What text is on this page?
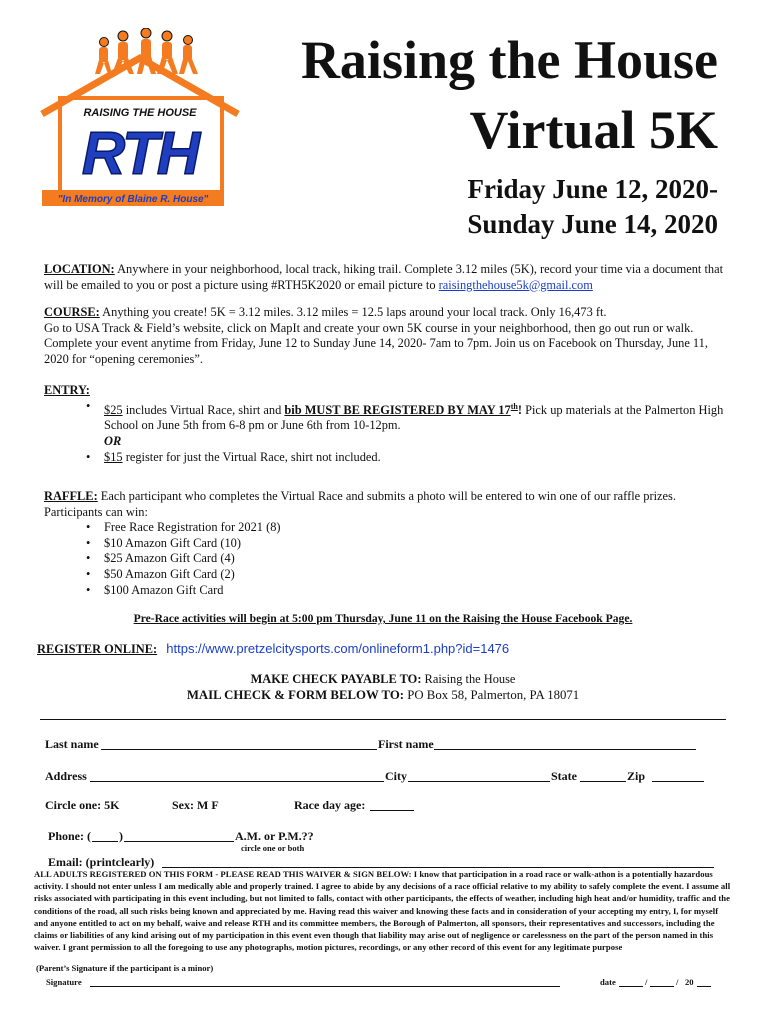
RAISING THE HOUSE
RTH
"In Memory of Blaine R. House"
Raising the House
Virtual 5K
Friday June 12, 2020-
Sunday June 14, 2020
LOCATION: Anywhere in your neighborhood, local track, hiking trail. Complete 3.12 miles (5K), record your time via a document that will be emailed to you or post a picture using #RTH5K2020 or email picture to raisingthehouse5k@gmail.com
COURSE: Anything you create! 5K = 3.12 miles. 3.12 miles = 12.5 laps around your local track. Only 16,473 ft.
Go to USA Track & Field’s website, click on MapIt and create your own 5K course in your neighborhood, then go out run or walk.
Complete your event anytime from Friday, June 12 to Sunday June 14, 2020- 7am to 7pm. Join us on Facebook on Thursday, June 11, 2020 for “opening ceremonies”.
ENTRY:
• $25 includes Virtual Race, shirt and bib MUST BE REGISTERED BY MAY 17th! Pick up materials at the Palmerton High School on June 5th from 6-8 pm or June 6th from 10-12pm.
OR
• $15 register for just the Virtual Race, shirt not included.
RAFFLE: Each participant who completes the Virtual Race and submits a photo will be entered to win one of our raffle prizes.
Participants can win:
• Free Race Registration for 2021 (8)
• $10 Amazon Gift Card (10)
• $25 Amazon Gift Card (4)
• $50 Amazon Gift Card (2)
• $100 Amazon Gift Card
Pre-Race activities will begin at 5:00 pm Thursday, June 11 on the Raising the House Facebook Page.
REGISTER ONLINE: https://www.pretzelcitysports.com/onlineform1.php?id=1476
MAKE CHECK PAYABLE TO: Raising the House
MAIL CHECK & FORM BELOW TO: PO Box 58, Palmerton, PA 18071
Last name	First name
Address	City	State	Zip
Circle one: 5K	Sex: M F	Race day age:
Phone: ( )	A.M. or P.M.??
circle one or both
Email: (printclearly)
ALL ADULTS REGISTERED ON THIS FORM - PLEASE READ THIS WAIVER & SIGN BELOW: I know that participation in a road race or walk-athon is a potentially hazardous activity. I should not enter unless I am medically able and properly trained. I agree to abide by any decisions of a race official relative to my ability to safely complete the event. I assume all risks associated with participating in this event including, but not limited to falls, contact with other participants, the effects of weather, including high heat and/or humidity, traffic and the conditions of the road, all such risks being known and appreciated by me. Having read this waiver and knowing these facts and in consideration of your accepting my entry, I, for myself and anyone entitled to act on my behalf, waive and release RTH and its committee members, the Borough of Palmerton, all sponsors, their representatives and successors, including the claims or liabilities of any kind arising out of my participation in this event even though that liability may arise out of negligence or carelessness on the part of the person named in this waiver. I grant permission to all the foregoing to use any photographs, motion pictures, recordings, or any other record of this event for any legitimate purpose
(Parent’s Signature if the participant is a minor)
Signature	date	/	/ 20
